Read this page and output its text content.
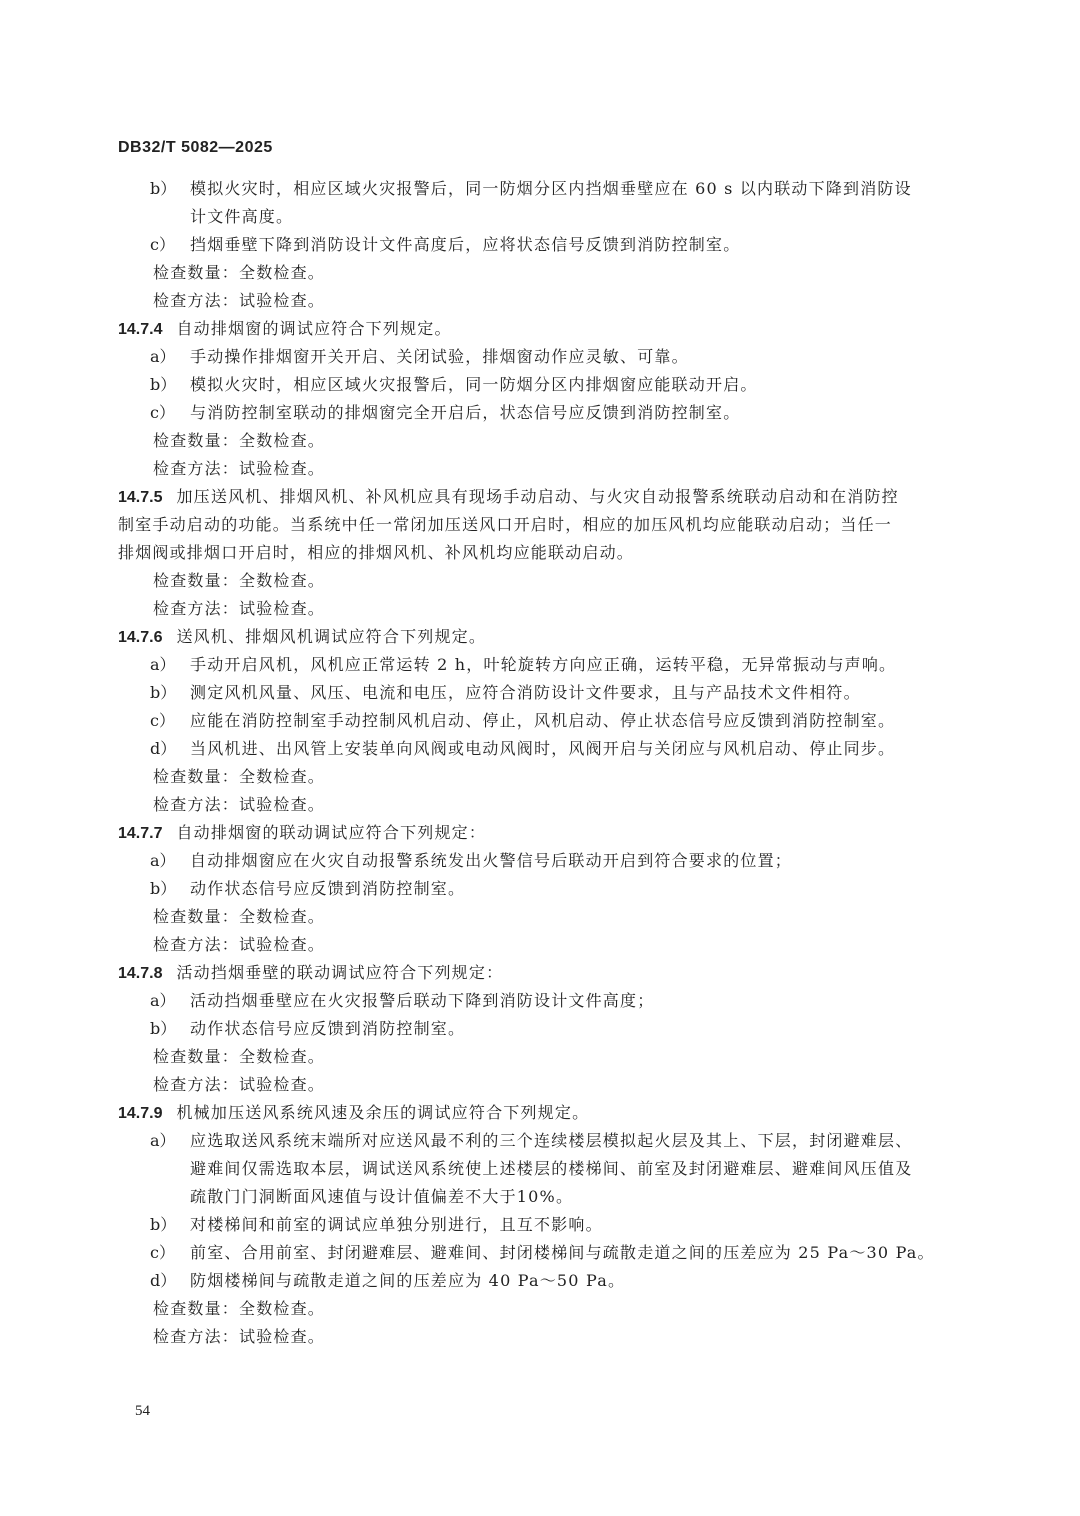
DB32/T 5082—2025
b） 模拟火灾时，相应区域火灾报警后，同一防烟分区内挡烟垂壁应在 60 s 以内联动下降到消防设
计文件高度。
c） 挡烟垂壁下降到消防设计文件高度后，应将状态信号反馈到消防控制室。
检查数量：全数检查。
检查方法：试验检查。
14.7.4 自动排烟窗的调试应符合下列规定。
a） 手动操作排烟窗开关开启、关闭试验，排烟窗动作应灵敏、可靠。
b） 模拟火灾时，相应区域火灾报警后，同一防烟分区内排烟窗应能联动开启。
c） 与消防控制室联动的排烟窗完全开启后，状态信号应反馈到消防控制室。
检查数量：全数检查。
检查方法：试验检查。
14.7.5 加压送风机、排烟风机、补风机应具有现场手动启动、与火灾自动报警系统联动启动和在消防控
制室手动启动的功能。当系统中任一常闭加压送风口开启时，相应的加压风机均应能联动启动；当任一
排烟阀或排烟口开启时，相应的排烟风机、补风机均应能联动启动。
检查数量：全数检查。
检查方法：试验检查。
14.7.6 送风机、排烟风机调试应符合下列规定。
a） 手动开启风机，风机应正常运转 2 h，叶轮旋转方向应正确，运转平稳，无异常振动与声响。
b） 测定风机风量、风压、电流和电压，应符合消防设计文件要求，且与产品技术文件相符。
c） 应能在消防控制室手动控制风机启动、停止，风机启动、停止状态信号应反馈到消防控制室。
d） 当风机进、出风管上安装单向风阀或电动风阀时，风阀开启与关闭应与风机启动、停止同步。
检查数量：全数检查。
检查方法：试验检查。
14.7.7 自动排烟窗的联动调试应符合下列规定：
a） 自动排烟窗应在火灾自动报警系统发出火警信号后联动开启到符合要求的位置；
b） 动作状态信号应反馈到消防控制室。
检查数量：全数检查。
检查方法：试验检查。
14.7.8 活动挡烟垂壁的联动调试应符合下列规定：
a） 活动挡烟垂壁应在火灾报警后联动下降到消防设计文件高度；
b） 动作状态信号应反馈到消防控制室。
检查数量：全数检查。
检查方法：试验检查。
14.7.9 机械加压送风系统风速及余压的调试应符合下列规定。
a） 应选取送风系统末端所对应送风最不利的三个连续楼层模拟起火层及其上、下层，封闭避难层、
避难间仅需选取本层，调试送风系统使上述楼层的楼梯间、前室及封闭避难层、避难间风压值及
疏散门门洞断面风速值与设计值偏差不大于10%。
b） 对楼梯间和前室的调试应单独分别进行，且互不影响。
c） 前室、合用前室、封闭避难层、避难间、封闭楼梯间与疏散走道之间的压差应为 25 Pa～30 Pa。
d） 防烟楼梯间与疏散走道之间的压差应为 40 Pa～50 Pa。
检查数量：全数检查。
检查方法：试验检查。
54
